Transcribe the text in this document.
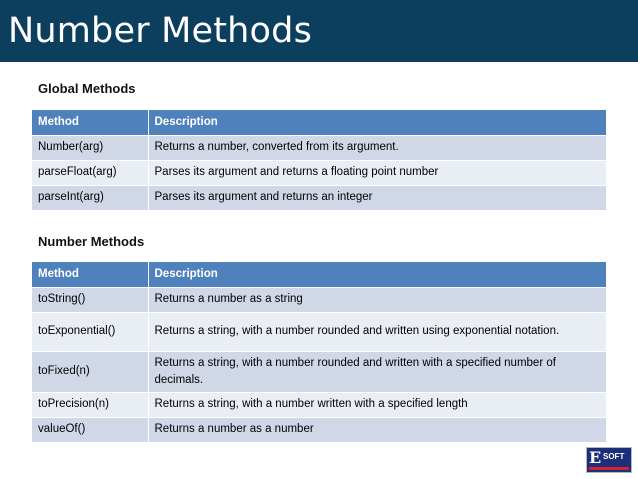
Number Methods
Global Methods
Method	Description
Number(arg)	Returns a number, converted from its argument.
parseFloat(arg)	Parses its argument and returns a floating point number
parseInt(arg)	Parses its argument and returns an integer
Number Methods
Method	Description
toString()	Returns a number as a string
toExponential()	Returns a string, with a number rounded and written using exponential notation.
toFixed(n)	Returns a string, with a number rounded and written with a specified number of decimals.
toPrecision(n)	Returns a string, with a number written with a specified length
valueOf()	Returns a number as a number
E SOFT
